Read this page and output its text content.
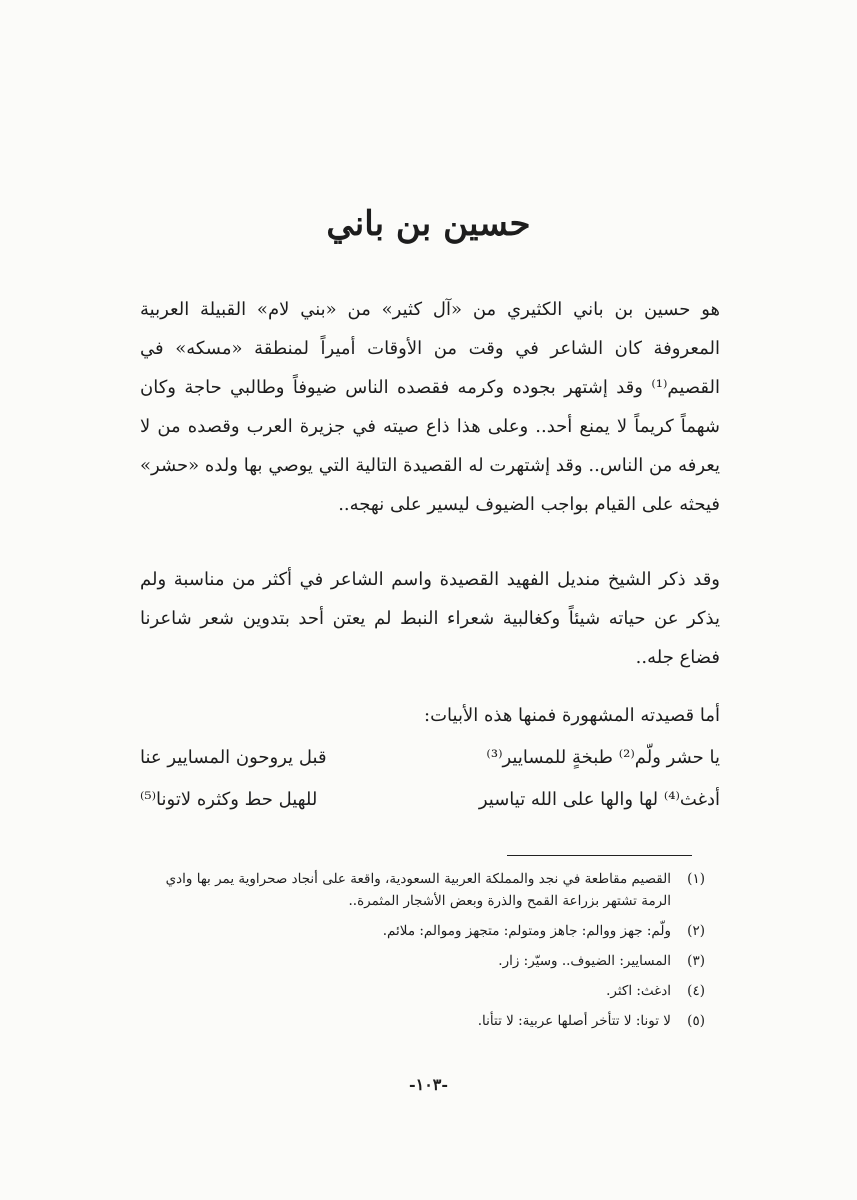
حسين بن باني

هو حسين بن باني الكثيري من «آل كثير» من «بني لام» القبيلة العربية المعروفة كان الشاعر في وقت من الأوقات أميراً لمنطقة «مسكه» في القصيم⁽¹⁾ وقد إشتهر بجوده وكرمه فقصده الناس ضيوفاً وطالبي حاجة وكان شهماً كريماً لا يمنع أحد.. وعلى هذا ذاع صيته في جزيرة العرب وقصده من لا يعرفه من الناس.. وقد إشتهرت له القصيدة التالية التي يوصي بها ولده «حشر» فيحثه على القيام بواجب الضيوف ليسير على نهجه..

وقد ذكر الشيخ منديل الفهيد القصيدة واسم الشاعر في أكثر من مناسبة ولم يذكر عن حياته شيئاً وكغالبية شعراء النبط لم يعتن أحد بتدوين شعر شاعرنا فضاع جله..

أما قصيدته المشهورة فمنها هذه الأبيات:
يا حشر ولّم⁽²⁾ طبخةٍ للمسايير⁽³⁾
قبل يروحون المسايير عنا
أدغث⁽⁴⁾ لها والها على الله تياسير
للهيل حط وكثره لاتونا⁽⁵⁾
(١)
القصيم مقاطعة في نجد والمملكة العربية السعودية، واقعة على أنجاد صحراوية يمر بها وادي الرمة تشتهر بزراعة القمح والذرة وبعض الأشجار المثمرة..
(٢)
ولّم: جهز ووالم: جاهز ومتولم: متجهز وموالم: ملائم.
(٣)
المسايير: الضيوف.. وسيّر: زار.
(٤)
ادغث: اكثر.
(٥)
لا تونا: لا تتأخر أصلها عربية: لا تتأنا.
-١٠٣-
